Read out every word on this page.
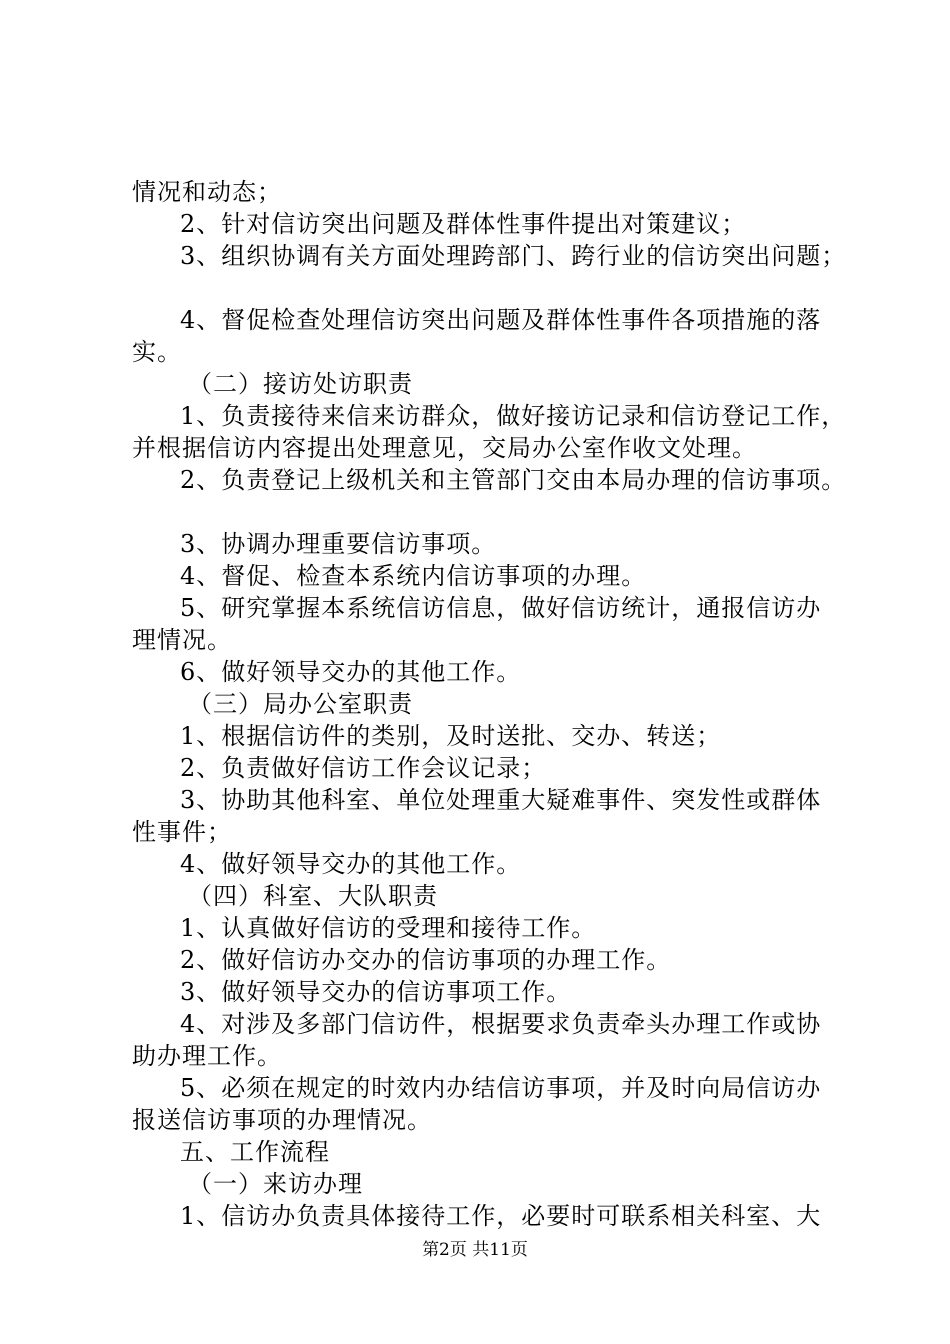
情况和动态；
2、针对信访突出问题及群体性事件提出对策建议；
3、组织协调有关方面处理跨部门、跨行业的信访突出问题；
4、督促检查处理信访突出问题及群体性事件各项措施的落
实。
（二）接访处访职责
1、负责接待来信来访群众，做好接访记录和信访登记工作，
并根据信访内容提出处理意见，交局办公室作收文处理。
2、负责登记上级机关和主管部门交由本局办理的信访事项。
3、协调办理重要信访事项。
4、督促、检查本系统内信访事项的办理。
5、研究掌握本系统信访信息，做好信访统计，通报信访办
理情况。
6、做好领导交办的其他工作。
（三）局办公室职责
1、根据信访件的类别，及时送批、交办、转送；
2、负责做好信访工作会议记录；
3、协助其他科室、单位处理重大疑难事件、突发性或群体
性事件；
4、做好领导交办的其他工作。
（四）科室、大队职责
1、认真做好信访的受理和接待工作。
2、做好信访办交办的信访事项的办理工作。
3、做好领导交办的信访事项工作。
4、对涉及多部门信访件，根据要求负责牵头办理工作或协
助办理工作。
5、必须在规定的时效内办结信访事项，并及时向局信访办
报送信访事项的办理情况。
五、工作流程
（一）来访办理
1、信访办负责具体接待工作，必要时可联系相关科室、大
第2页 共11页
